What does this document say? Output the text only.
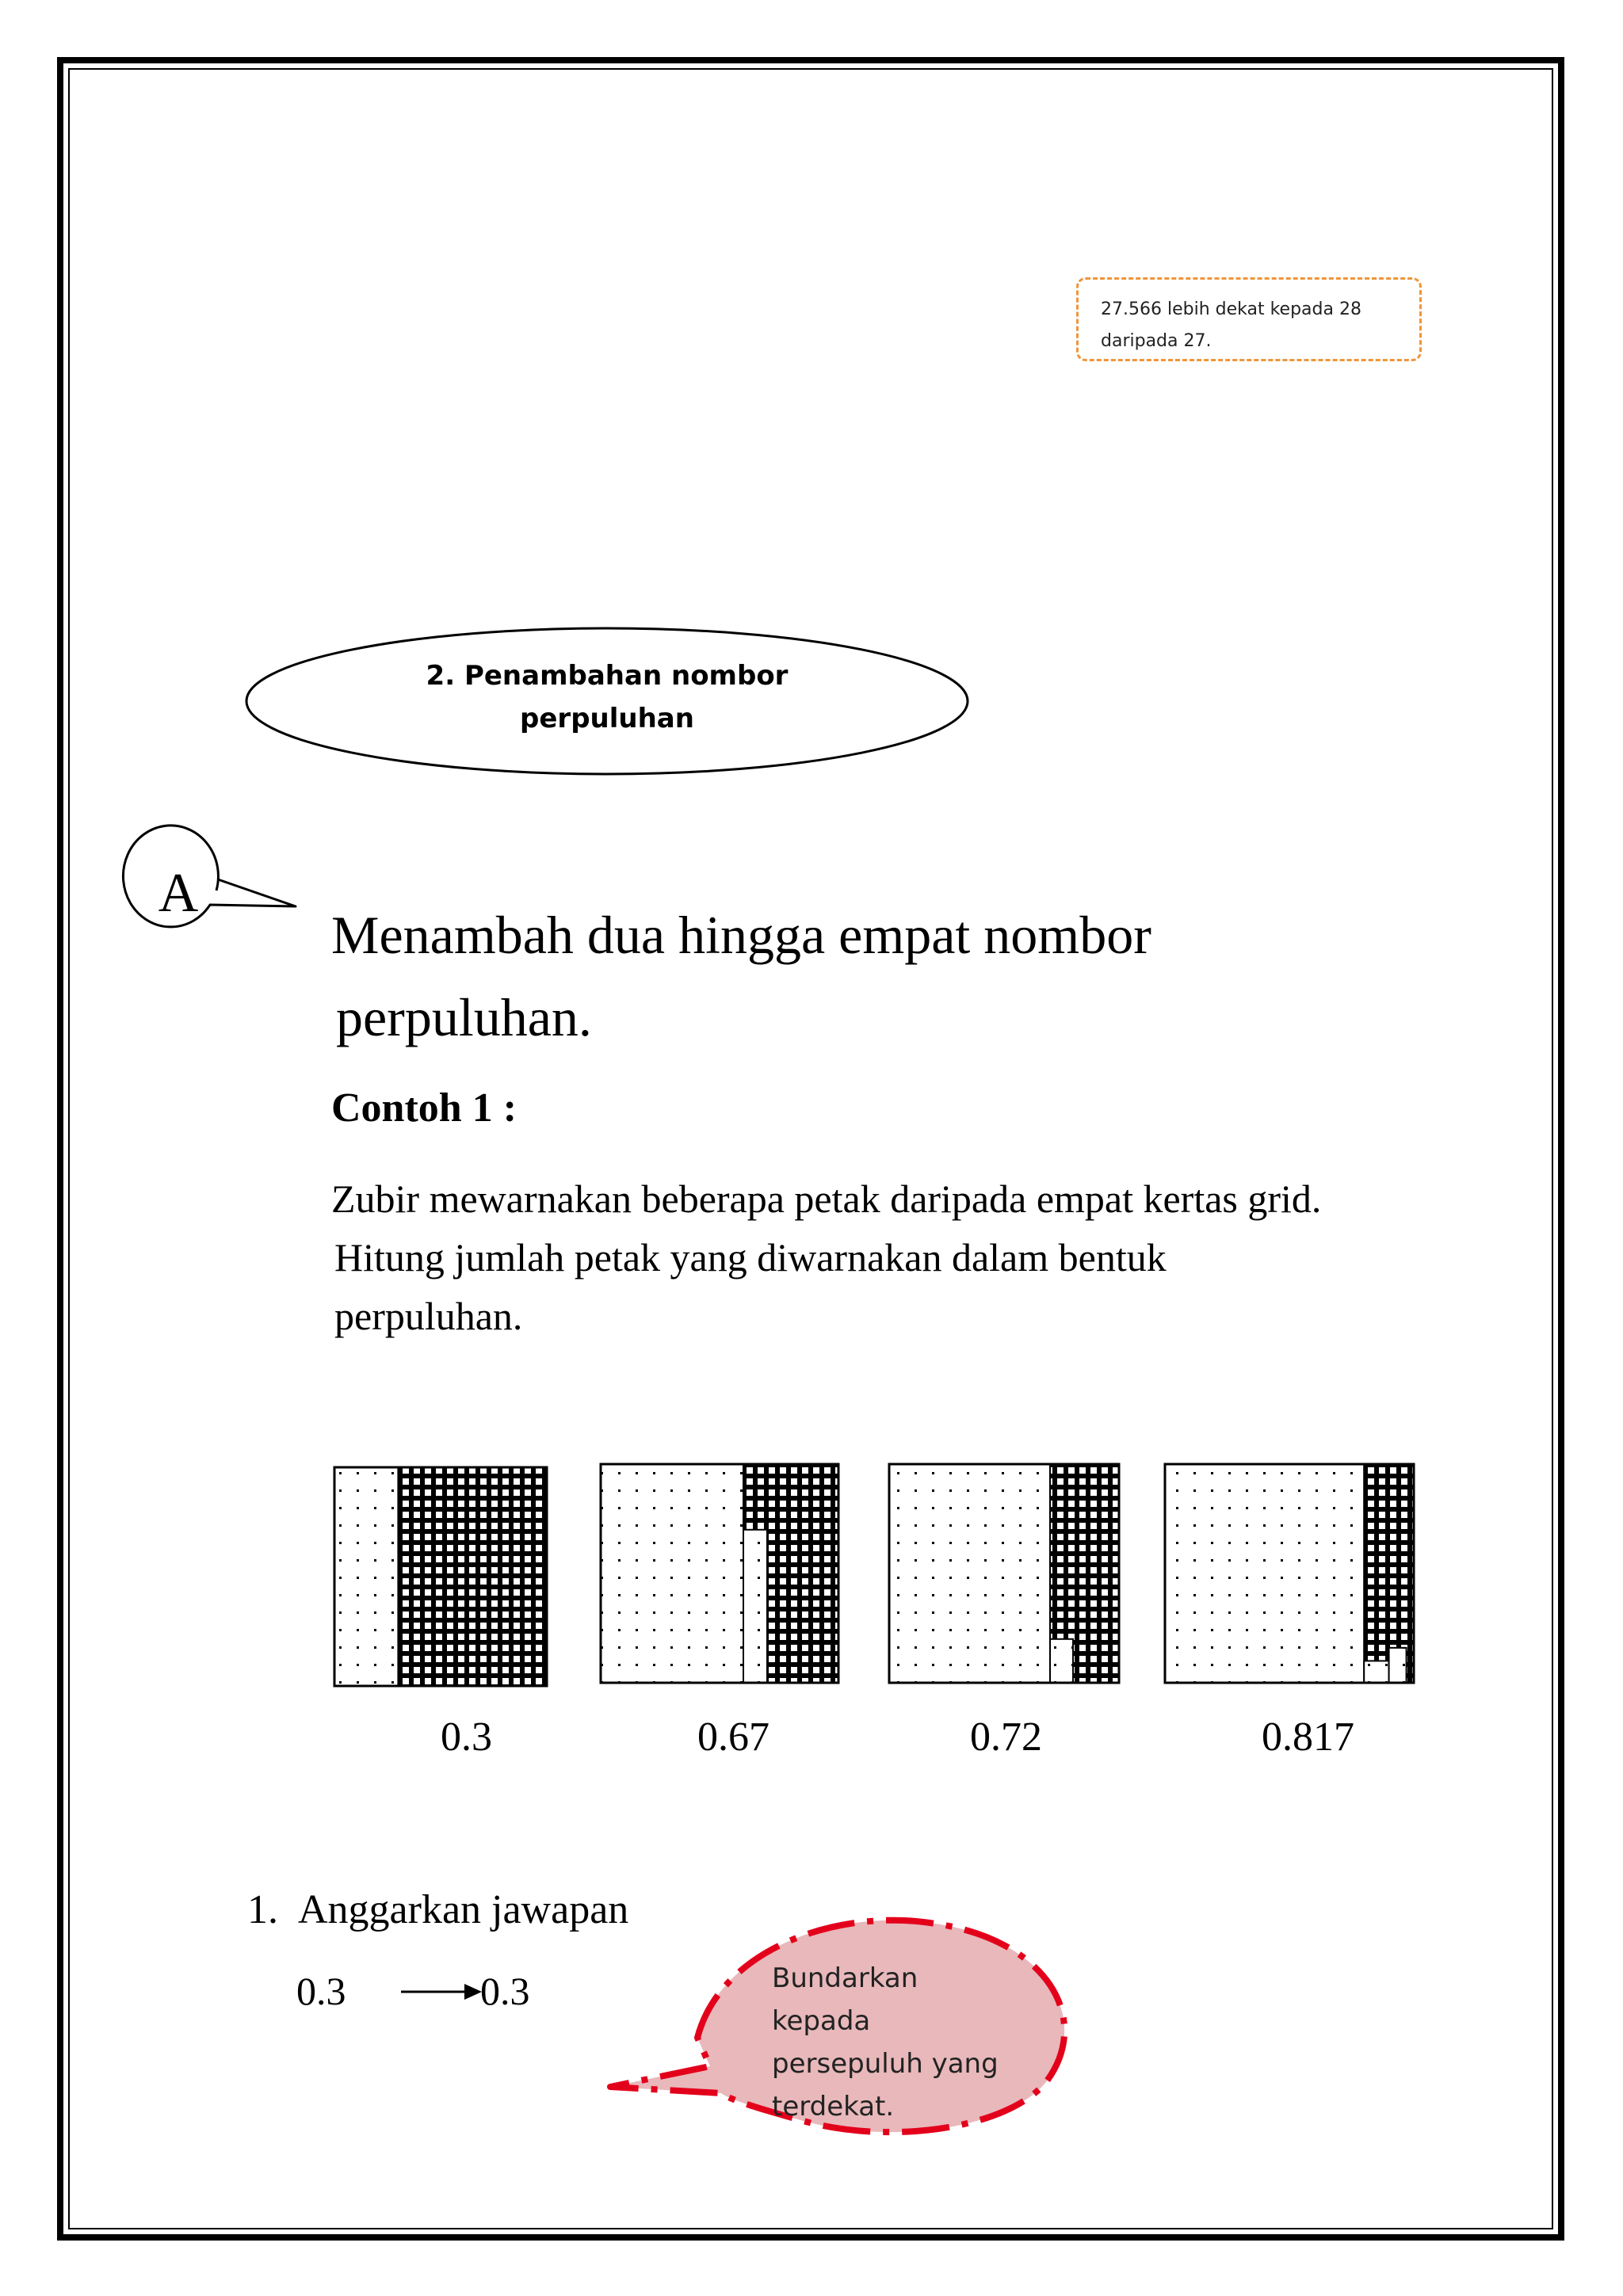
27.566 lebih dekat kepada 28
daripada 27.
2. Penambahan nombor
perpuluhan
A
Menambah dua hingga empat nombor
perpuluhan.
Contoh 1 :
Zubir mewarnakan beberapa petak daripada empat kertas grid.
Hitung jumlah petak yang diwarnakan dalam bentuk
perpuluhan.
0.3	0.67	0.72	0.817
1. Anggarkan jawapan
0.3	0.3	Bundarkan
kepada
persepuluh yang
terdekat.
